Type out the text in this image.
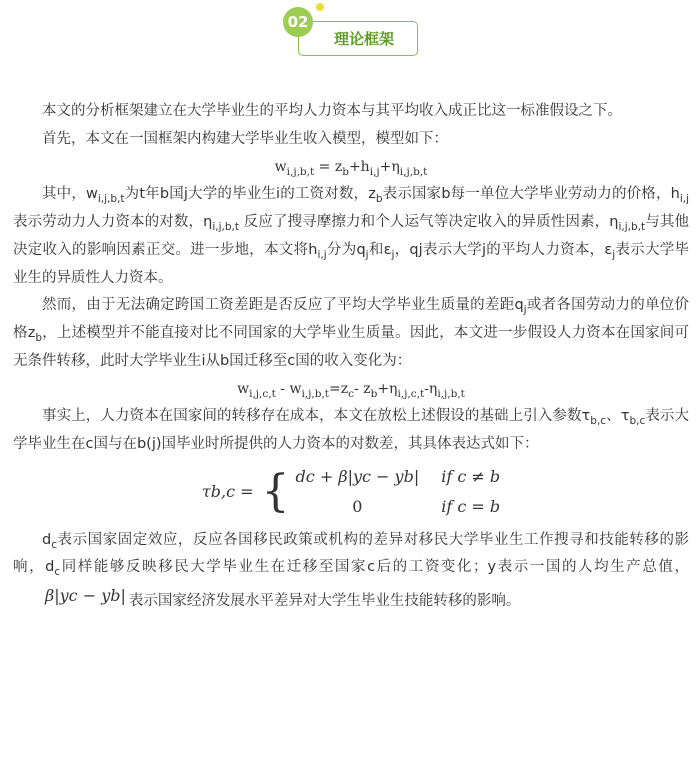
02
理论框架

本文的分析框架建立在大学毕业生的平均人力资本与其平均收入成正比这一标准假设之下。

首先，本文在一国框架内构建大学毕业生收入模型，模型如下：

$w_{i,j,b,t} = z_b+h_{i,j}+\eta_{i,j,b,t}$

其中，$w_{i,j,b,t}$为t年b国j大学的毕业生i的工资对数，$z_b$表示国家b每一单位大学毕业劳动力的价格，$h_{i,j}$表示劳动力人力资本的对数，$\eta_{i,j,b,t}$ 反应了搜寻摩擦力和个人运气等决定收入的异质性因素，$\eta_{i,j,b,t}$与其他决定收入的影响因素正交。进一步地，本文将$h_{i,j}$分为$q_j$和$\varepsilon_j$，qj表示大学j的平均人力资本，$\varepsilon_j$表示大学毕业生的异质性人力资本。

然而，由于无法确定跨国工资差距是否反应了平均大学毕业生质量的差距$q_j$或者各国劳动力的单位价格$z_b$，上述模型并不能直接对比不同国家的大学毕业生质量。因此，本文进一步假设人力资本在国家间可无条件转移，此时大学毕业生i从b国迁移至c国的收入变化为：

$w_{i,j,c,t} - w_{i,j,b,t}=z_c-$ $z_b+\eta_{i,j,c,t}-\eta_{i,j,b,t}$

事实上，人力资本在国家间的转移存在成本，本文在放松上述假设的基础上引入参数$\tau_{b,c}$、$\tau_{b,c}$表示大学毕业生在c国与在b(j)国毕业时所提供的人力资本的对数差，其具体表达式如下：

τb,c = { dc + β|yc − yb| if c ≠ b
0	if c = b

$d_c$表示国家固定效应，反应各国移民政策或机构的差异对移民大学毕业生工作搜寻和技能转移的影响，$d_c$同样能够反映移民大学毕业生在迁移至国家c后的工资变化；y表示一国的人均生产总值，β|yc − yb| 表示国家经济发展水平差异对大学生毕业生技能转移的影响。
